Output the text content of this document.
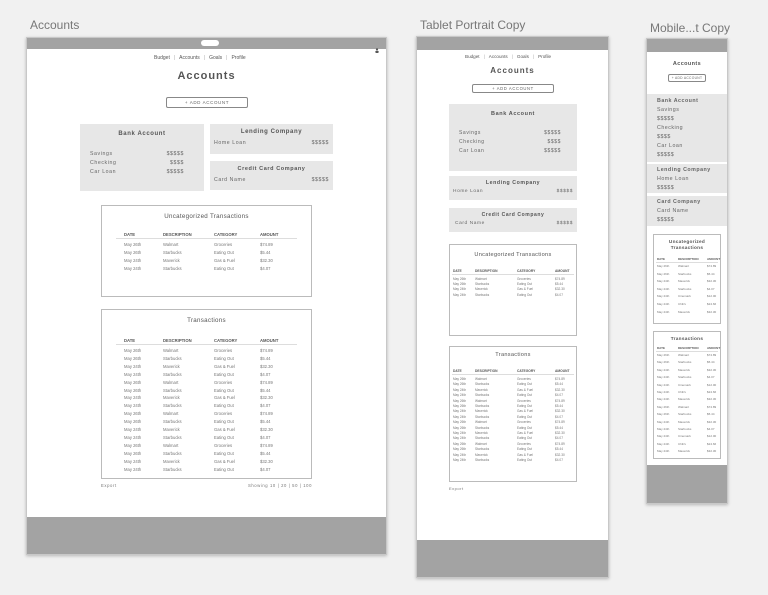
Accounts	Tablet Portrait Copy	Mobile...t Copy
Budget | Accounts | Goals | Profile
Accounts
+ ADD ACCOUNT
Bank Account
Savings	$$$$$
Checking	$$$$
Car Loan	$$$$$
Lending Company
Home Loan	$$$$$
Credit Card Company
Card Name	$$$$$
Uncategorized Transactions
DATE	DESCRIPTION	CATEGORY	AMOUNT
May 26th	Walmart	Groceries	$74.89
May 26th	Starbucks	Eating Out	$5.44
May 24th	Maverick	Gas & Fuel	$32.30
May 24th	Starbucks	Eating Out	$4.07
Transactions
DATE	DESCRIPTION	CATEGORY	AMOUNT
May 26th	Walmart	Groceries	$74.89
May 26th	Starbucks	Eating Out	$5.44
May 24th	Maverick	Gas & Fuel	$32.30
May 24th	Starbucks	Eating Out	$4.07
May 26th	Walmart	Groceries	$74.89
May 26th	Starbucks	Eating Out	$5.44
May 24th	Maverick	Gas & Fuel	$32.30
May 24th	Starbucks	Eating Out	$4.07
May 26th	Walmart	Groceries	$74.89
May 26th	Starbucks	Eating Out	$5.44
May 24th	Maverick	Gas & Fuel	$32.30
May 24th	Starbucks	Eating Out	$4.07
May 26th	Walmart	Groceries	$74.89
May 26th	Starbucks	Eating Out	$5.44
May 24th	Maverick	Gas & Fuel	$32.30
May 24th	Starbucks	Eating Out	$4.07
Export	Showing 10 | 20 | 50 | 100
Budget | Accounts | Goals | Profile
Accounts
+ ADD ACCOUNT
Bank Account
Savings	$$$$$
Checking	$$$$
Car Loan	$$$$$
Lending Company
Home Loan	$$$$$
Credit Card Company
Card Name	$$$$$
Uncategorized Transactions
DATE	DESCRIPTION	CATEGORY	AMOUNT
May 26th	Walmart	Groceries	$74.89
May 26th	Starbucks	Eating Out	$5.44
May 24th	Maverick	Gas & Fuel	$32.30
May 24th	Starbucks	Eating Out	$4.07
Transactions
DATE	DESCRIPTION	CATEGORY	AMOUNT
May 26th	Walmart	Groceries	$74.89
May 26th	Starbucks	Eating Out	$5.44
May 24th	Maverick	Gas & Fuel	$32.30
May 24th	Starbucks	Eating Out	$4.07
May 26th	Walmart	Groceries	$74.89
May 26th	Starbucks	Eating Out	$5.44
May 24th	Maverick	Gas & Fuel	$32.30
May 24th	Starbucks	Eating Out	$4.07
May 26th	Walmart	Groceries	$74.89
May 26th	Starbucks	Eating Out	$5.44
May 24th	Maverick	Gas & Fuel	$32.30
May 24th	Starbucks	Eating Out	$4.07
May 26th	Walmart	Groceries	$74.89
May 26th	Starbucks	Eating Out	$5.44
May 24th	Maverick	Gas & Fuel	$32.30
May 24th	Starbucks	Eating Out	$4.07
Export
Accounts
+ ADD ACCOUNT
Bank Account
Savings
$$$$$
Checking
$$$$
Car Loan
$$$$$
Lending Company
Home Loan
$$$$$
Card Company
Card Name
$$$$$
Uncategorized Transactions
DATE	DESCRIPTION	AMOUNT
May 26th	Walmart	$74.89
May 26th	Starbucks	$5.44
May 24th	Maverick	$32.30
May 24th	Starbucks	$4.07
May 24th	Cinemark	$12.00
May 24th	Chili's	$24.66
May 24th	Maverick	$32.30
Transactions
DATE	DESCRIPTION	AMOUNT
May 26th	Walmart	$74.89
May 26th	Starbucks	$5.44
May 24th	Maverick	$32.30
May 24th	Starbucks	$4.07
May 24th	Cinemark	$12.00
May 24th	Chili's	$24.66
May 24th	Maverick	$32.30
May 26th	Walmart	$74.89
May 26th	Starbucks	$5.44
May 24th	Maverick	$32.30
May 24th	Starbucks	$4.07
May 24th	Cinemark	$12.00
May 24th	Chili's	$24.66
May 24th	Maverick	$32.30
